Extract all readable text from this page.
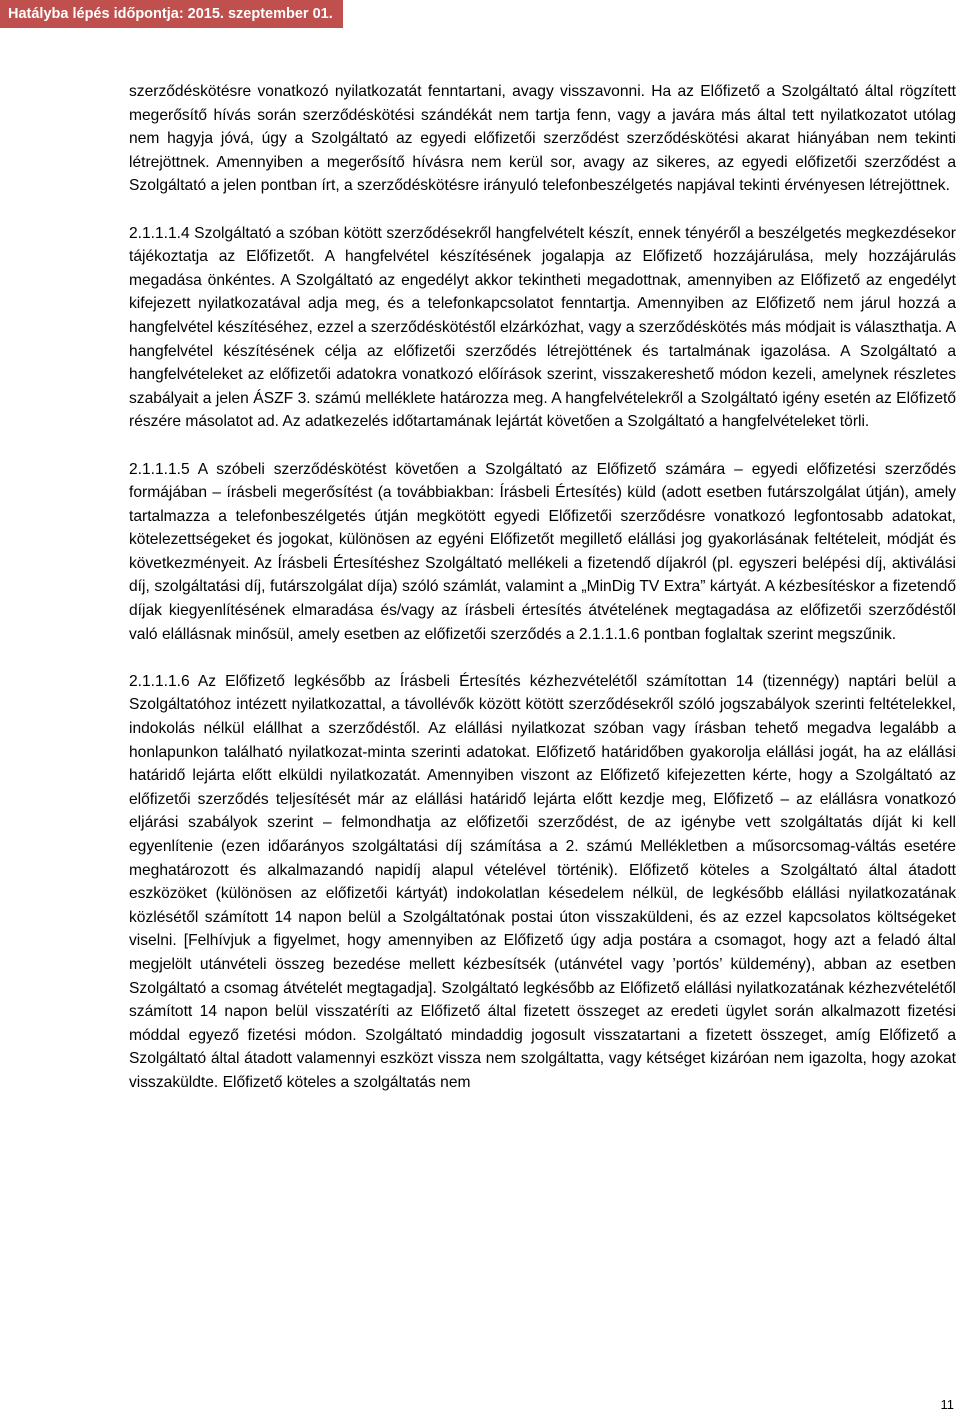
Hatályba lépés időpontja: 2015. szeptember 01.

szerződéskötésre vonatkozó nyilatkozatát fenntartani, avagy visszavonni. Ha az Előfizető a Szolgáltató által rögzített megerősítő hívás során szerződéskötési szándékát nem tartja fenn, vagy a javára más által tett nyilatkozatot utólag nem hagyja jóvá, úgy a Szolgáltató az egyedi előfizetői szerződést szerződéskötési akarat hiányában nem tekinti létrejöttnek. Amennyiben a megerősítő hívásra nem kerül sor, avagy az sikeres, az egyedi előfizetői szerződést a Szolgáltató a jelen pontban írt, a szerződéskötésre irányuló telefonbeszélgetés napjával tekinti érvényesen létrejöttnek.

2.1.1.1.4 Szolgáltató a szóban kötött szerződésekről hangfelvételt készít, ennek tényéről a beszélgetés megkezdésekor tájékoztatja az Előfizetőt. A hangfelvétel készítésének jogalapja az Előfizető hozzájárulása, mely hozzájárulás megadása önkéntes. A Szolgáltató az engedélyt akkor tekintheti megadottnak, amennyiben az Előfizető az engedélyt kifejezett nyilatkozatával adja meg, és a telefonkapcsolatot fenntartja. Amennyiben az Előfizető nem járul hozzá a hangfelvétel készítéséhez, ezzel a szerződéskötéstől elzárkózhat, vagy a szerződéskötés más módjait is választhatja. A hangfelvétel készítésének célja az előfizetői szerződés létrejöttének és tartalmának igazolása. A Szolgáltató a hangfelvételeket az előfizetői adatokra vonatkozó előírások szerint, visszakereshető módon kezeli, amelynek részletes szabályait a jelen ÁSZF 3. számú melléklete határozza meg. A hangfelvételekről a Szolgáltató igény esetén az Előfizető részére másolatot ad. Az adatkezelés időtartamának lejártát követően a Szolgáltató a hangfelvételeket törli.

2.1.1.1.5 A szóbeli szerződéskötést követően a Szolgáltató az Előfizető számára – egyedi előfizetési szerződés formájában – írásbeli megerősítést (a továbbiakban: Írásbeli Értesítés) küld (adott esetben futárszolgálat útján), amely tartalmazza a telefonbeszélgetés útján megkötött egyedi Előfizetői szerződésre vonatkozó legfontosabb adatokat, kötelezettségeket és jogokat, különösen az egyéni Előfizetőt megillető elállási jog gyakorlásának feltételeit, módját és következményeit. Az Írásbeli Értesítéshez Szolgáltató mellékeli a fizetendő díjakról (pl. egyszeri belépési díj, aktiválási díj, szolgáltatási díj, futárszolgálat díja) szóló számlát, valamint a „MinDig TV Extra” kártyát. A kézbesítéskor a fizetendő díjak kiegyenlítésének elmaradása és/vagy az írásbeli értesítés átvételének megtagadása az előfizetői szerződéstől való elállásnak minősül, amely esetben az előfizetői szerződés a 2.1.1.1.6 pontban foglaltak szerint megszűnik.

2.1.1.1.6 Az Előfizető legkésőbb az Írásbeli Értesítés kézhezvételétől számítottan 14 (tizennégy) naptári belül a Szolgáltatóhoz intézett nyilatkozattal, a távollévők között kötött szerződésekről szóló jogszabályok szerinti feltételekkel, indokolás nélkül elállhat a szerződéstől. Az elállási nyilatkozat szóban vagy írásban tehető megadva legalább a honlapunkon található nyilatkozat-minta szerinti adatokat. Előfizető határidőben gyakorolja elállási jogát, ha az elállási határidő lejárta előtt elküldi nyilatkozatát. Amennyiben viszont az Előfizető kifejezetten kérte, hogy a Szolgáltató az előfizetői szerződés teljesítését már az elállási határidő lejárta előtt kezdje meg, Előfizető – az elállásra vonatkozó eljárási szabályok szerint – felmondhatja az előfizetői szerződést, de az igénybe vett szolgáltatás díját ki kell egyenlítenie (ezen időarányos szolgáltatási díj számítása a 2. számú Mellékletben a műsorcsomag-váltás esetére meghatározott és alkalmazandó napidíj alapul vételével történik). Előfizető köteles a Szolgáltató által átadott eszközöket (különösen az előfizetői kártyát) indokolatlan késedelem nélkül, de legkésőbb elállási nyilatkozatának közlésétől számított 14 napon belül a Szolgáltatónak postai úton visszaküldeni, és az ezzel kapcsolatos költségeket viselni. [Felhívjuk a figyelmet, hogy amennyiben az Előfizető úgy adja postára a csomagot, hogy azt a feladó által megjelölt utánvételi összeg bezedése mellett kézbesítsék (utánvétel vagy ’portós’ küldemény), abban az esetben Szolgáltató a csomag átvételét megtagadja]. Szolgáltató legkésőbb az Előfizető elállási nyilatkozatának kézhezvételétől számított 14 napon belül visszatéríti az Előfizető által fizetett összeget az eredeti ügylet során alkalmazott fizetési móddal egyező fizetési módon. Szolgáltató mindaddig jogosult visszatartani a fizetett összeget, amíg Előfizető a Szolgáltató által átadott valamennyi eszközt vissza nem szolgáltatta, vagy kétséget kizáróan nem igazolta, hogy azokat visszaküldte. Előfizető köteles a szolgáltatás nem

11
